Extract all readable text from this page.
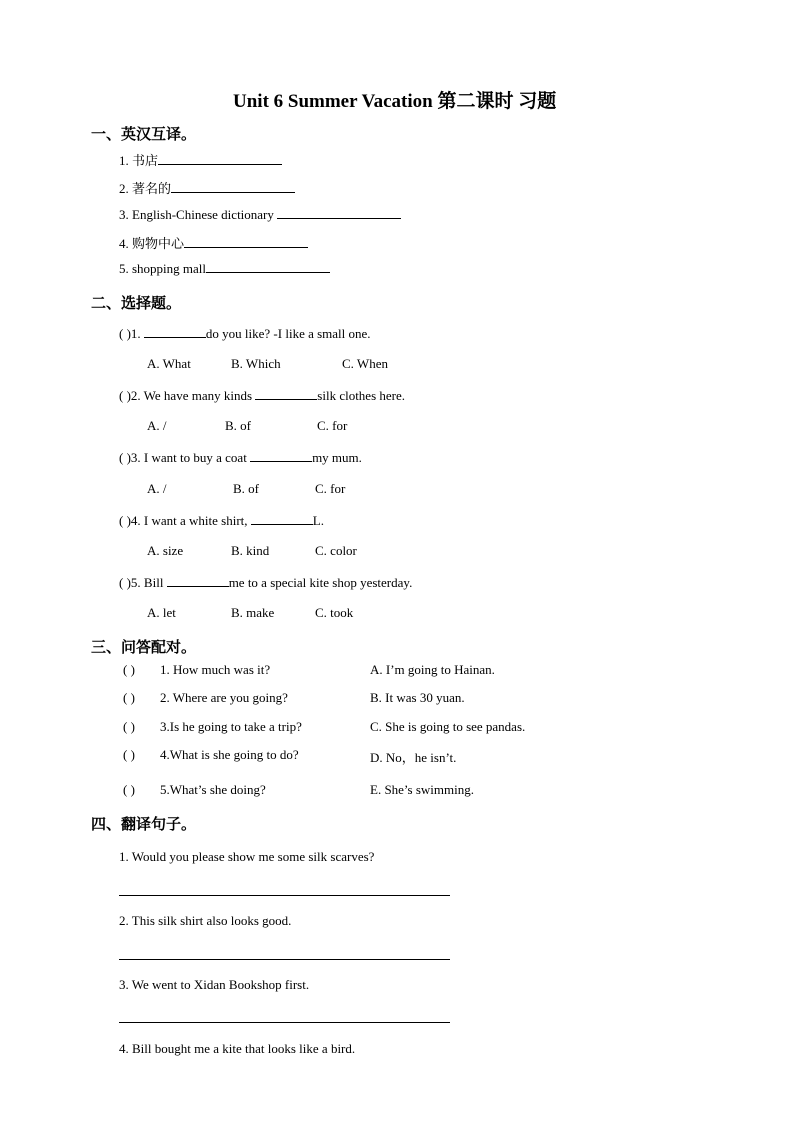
Unit 6 Summer Vacation 第二课时 习题
一、英汉互译。
1. 书店
2. 著名的
3. English-Chinese dictionary
4. 购物中心
5. shopping mall
二、选择题。
( )1.	do you like? -I like a small one.
A. What	B. Which	C. When
( )2. We have many kinds	silk clothes here.
A. /	B. of	C. for
( )3. I want to buy a coat	my mum.
A. /	B. of	C. for
( )4. I want a white shirt,	L.
A. size	B. kind	C. color
( )5. Bill	me to a special kite shop yesterday.
A. let	B. make	C. took
三、问答配对。
( ) 1. How much was it?	A. I’m going to Hainan.
( ) 2. Where are you going?	B. It was 30 yuan.
( ) 3.Is he going to take a trip?	C. She is going to see pandas.
( ) 4.What is she going to do?	D. No，he isn’t.
( ) 5.What’s she doing?	E. She’s swimming.
四、翻译句子。
1. Would you please show me some silk scarves?
2. This silk shirt also looks good.
3. We went to Xidan Bookshop first.
4. Bill bought me a kite that looks like a bird.
